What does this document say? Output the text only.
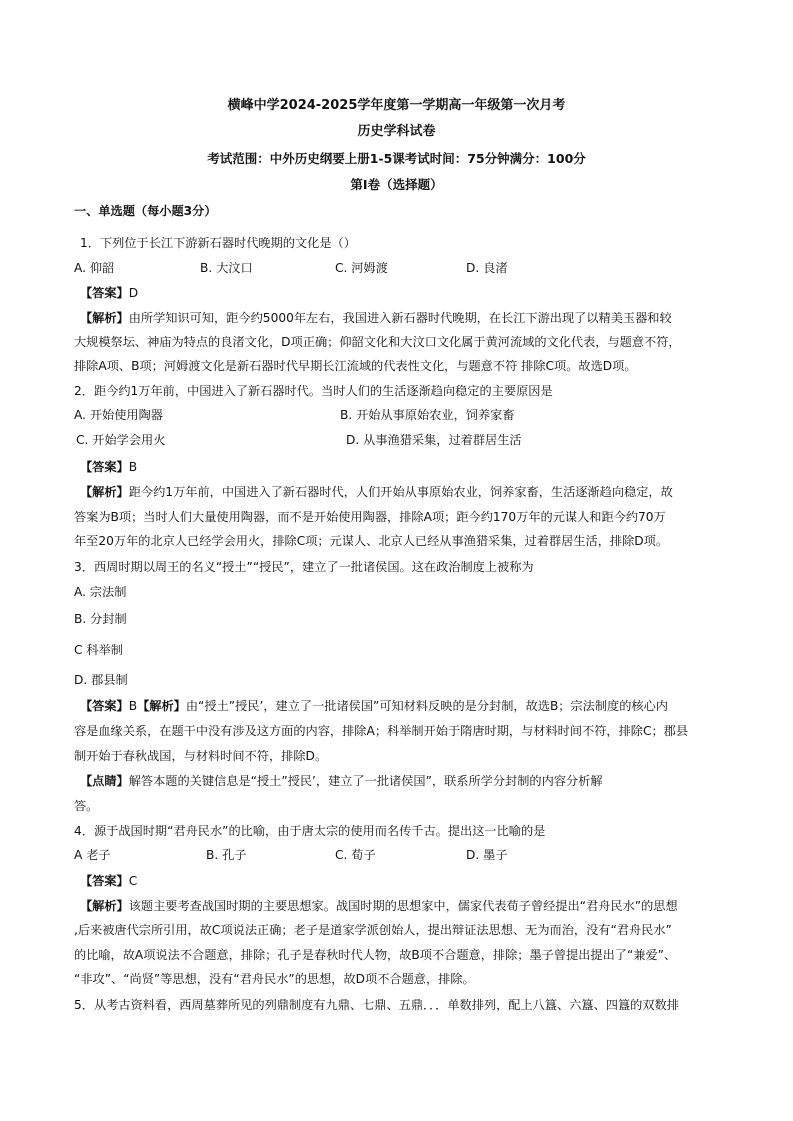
横峰中学2024-2025学年度第一学期高一年级第一次月考
历史学科试卷
考试范围：中外历史纲要上册1-5课考试时间：75分钟满分：100分
第Ⅰ卷（选择题）
一、单选题（每小题3分）
1．下列位于长江下游新石器时代晚期的文化是（）
A. 仰韶	B. 大汶口	C. 河姆渡	D. 良渚
【答案】D
【解析】由所学知识可知，距今约5000年左右，我国进入新石器时代晚期，在长江下游出现了以精美玉器和较
大规模祭坛、神庙为特点的良渚文化，D项正确；仰韶文化和大汶口文化属于黄河流域的文化代表，与题意不符，
排除A项、B项；河姆渡文化是新石器时代早期长江流域的代表性文化，与题意不符 排除C项。故选D项。
2．距今约1万年前，中国进入了新石器时代。当时人们的生活逐渐趋向稳定的主要原因是
A. 开始使用陶器	B. 开始从事原始农业，饲养家畜
C. 开始学会用火	D. 从事渔猎采集，过着群居生活
【答案】B
【解析】距今约1万年前，中国进入了新石器时代，人们开始从事原始农业，饲养家畜，生活逐渐趋向稳定，故
答案为B项；当时人们大量使用陶器，而不是开始使用陶器，排除A项；距今约170万年的元谋人和距今约70万
年至20万年的北京人已经学会用火，排除C项；元谋人、北京人已经从事渔猎采集，过着群居生活，排除D项。
3．西周时期以周王的名义“授土”“授民”，建立了一批诸侯国。这在政治制度上被称为
A. 宗法制
B. 分封制
C 科举制
D. 郡县制
【答案】B【解析】由“授土”授民’，建立了一批诸侯国”可知材料反映的是分封制，故选B；宗法制度的核心内
容是血缘关系，在题干中没有涉及这方面的内容，排除A；科举制开始于隋唐时期，与材料时间不符，排除C；郡县
制开始于春秋战国，与材料时间不符，排除D。
【点睛】解答本题的关键信息是“授土”授民’，建立了一批诸侯国”，联系所学分封制的内容分析解
答。
4．源于战国时期“君舟民水”的比喻，由于唐太宗的使用而名传千古。提出这一比喻的是
A 老子	B. 孔子	C. 荀子	D. 墨子
【答案】C
【解析】该题主要考查战国时期的主要思想家。战国时期的思想家中，儒家代表荀子曾经提出“君舟民水”的思想
,后来被唐代宗所引用，故C项说法正确；老子是道家学派创始人，提出辩证法思想、无为而治，没有“君舟民水”
的比喻，故A项说法不合题意，排除；孔子是春秋时代人物，故B项不合题意，排除；墨子曾提出提出了“兼爱”、
“非攻”、“尚贤”等思想，没有“君舟民水”的思想，故D项不合题意，排除。
5．从考古资料看，西周墓葬所见的列鼎制度有九鼎、七鼎、五鼎．．．单数排列，配上八簋、六簋、四簋的双数排
